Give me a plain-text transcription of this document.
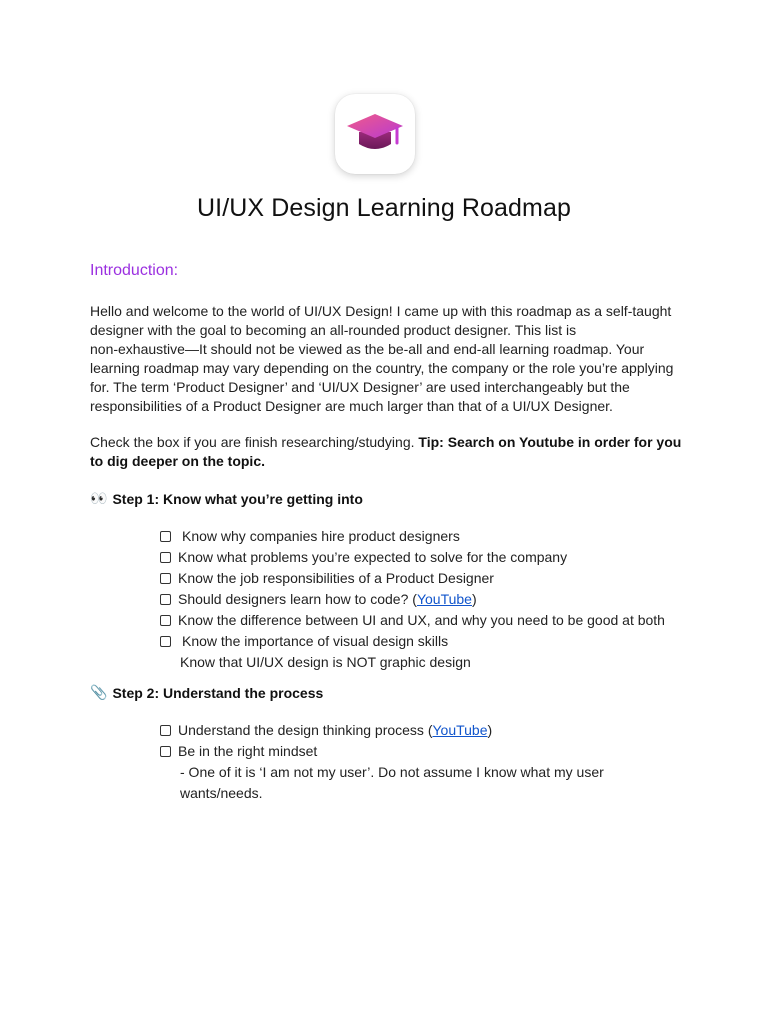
UI/UX Design Learning Roadmap
Introduction:

Hello and welcome to the world of UI/UX Design! I came up with this roadmap as a self-taught
designer with the goal to becoming an all-rounded product designer. This list is
non-exhaustive—It should not be viewed as the be-all and end-all learning roadmap. Your
learning roadmap may vary depending on the country, the company or the role you’re applying
for. The term ‘Product Designer’ and ‘UI/UX Designer’ are used interchangeably but the
responsibilities of a Product Designer are much larger than that of a UI/UX Designer.

Check the box if you are finish researching/studying. Tip: Search on Youtube in order for you
to dig deeper on the topic.

👀 Step 1: Know what you’re getting into
Know why companies hire product designers
Know what problems you’re expected to solve for the company
Know the job responsibilities of a Product Designer
Should designers learn how to code? ( YouTube )
Know the difference between UI and UX, and why you need to be good at both
Know the importance of visual design skills
Know that UI/UX design is NOT graphic design
📎 Step 2: Understand the process
Understand the design thinking process ( YouTube )
Be in the right mindset
- One of it is ‘I am not my user’. Do not assume I know what my user
wants/needs.
